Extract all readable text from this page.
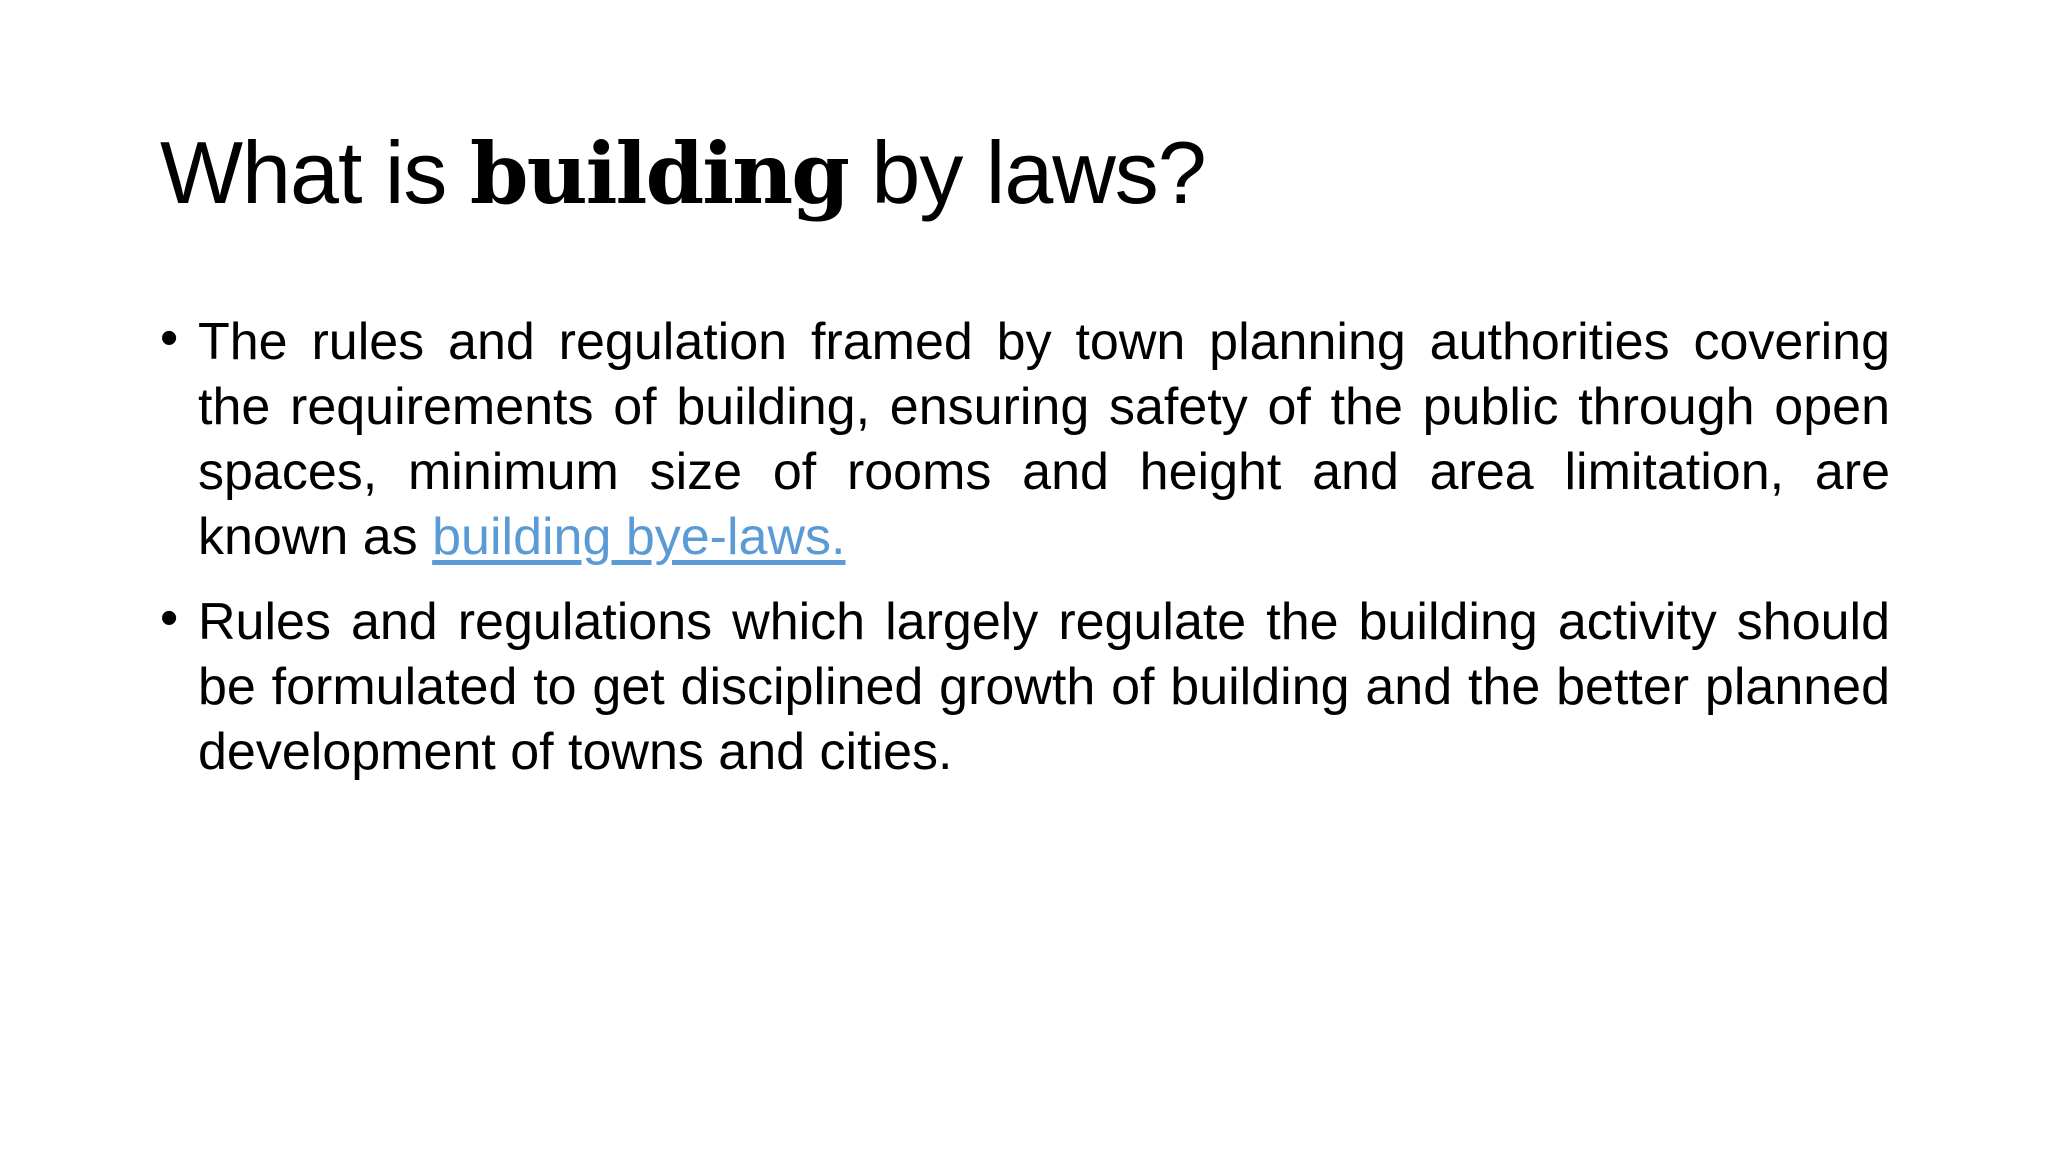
What is building by laws?
• The rules and regulation framed by town planning authorities covering the requirements of building, ensuring safety of the public through open spaces, minimum size of rooms and height and area limitation, are known as building bye-laws.
• Rules and regulations which largely regulate the building activity should be formulated to get disciplined growth of building and the better planned development of towns and cities.
